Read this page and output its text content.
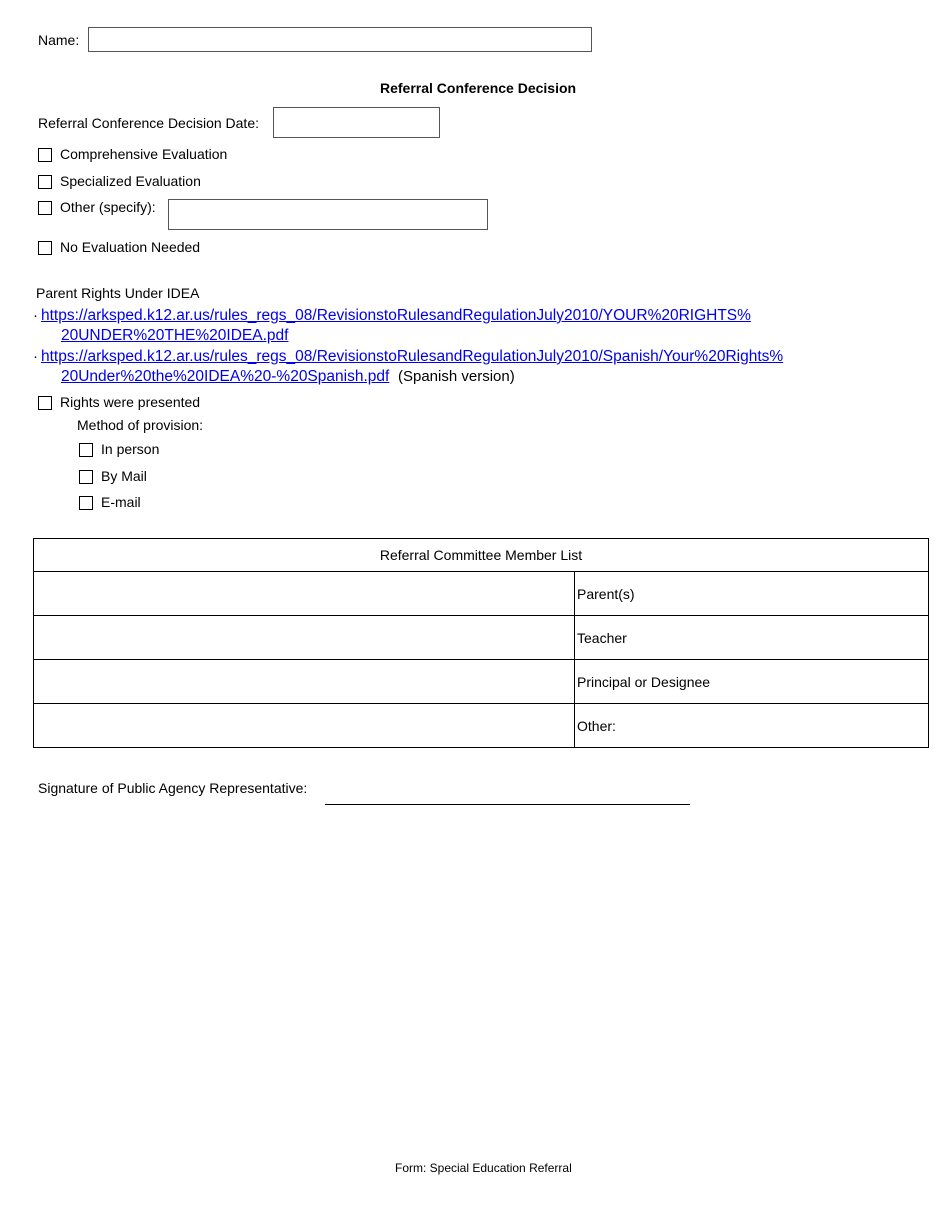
Name:
Referral Conference Decision
Referral Conference Decision Date:
Comprehensive Evaluation
Specialized Evaluation
Other (specify):
No Evaluation Needed
Parent Rights Under IDEA
· https://arksped.k12.ar.us/rules_regs_08/RevisionstoRulesandRegulationJuly2010/YOUR%20RIGHTS%
20UNDER%20THE%20IDEA.pdf
· https://arksped.k12.ar.us/rules_regs_08/RevisionstoRulesandRegulationJuly2010/Spanish/Your%20Rights%
20Under%20the%20IDEA%20-%20Spanish.pdf (Spanish version)
Rights were presented
Method of provision:
In person
By Mail
E-mail
Referral Committee Member List	
	Parent(s)
	Teacher
	Principal or Designee
	Other:
Signature of Public Agency Representative:
Form: Special Education Referral
